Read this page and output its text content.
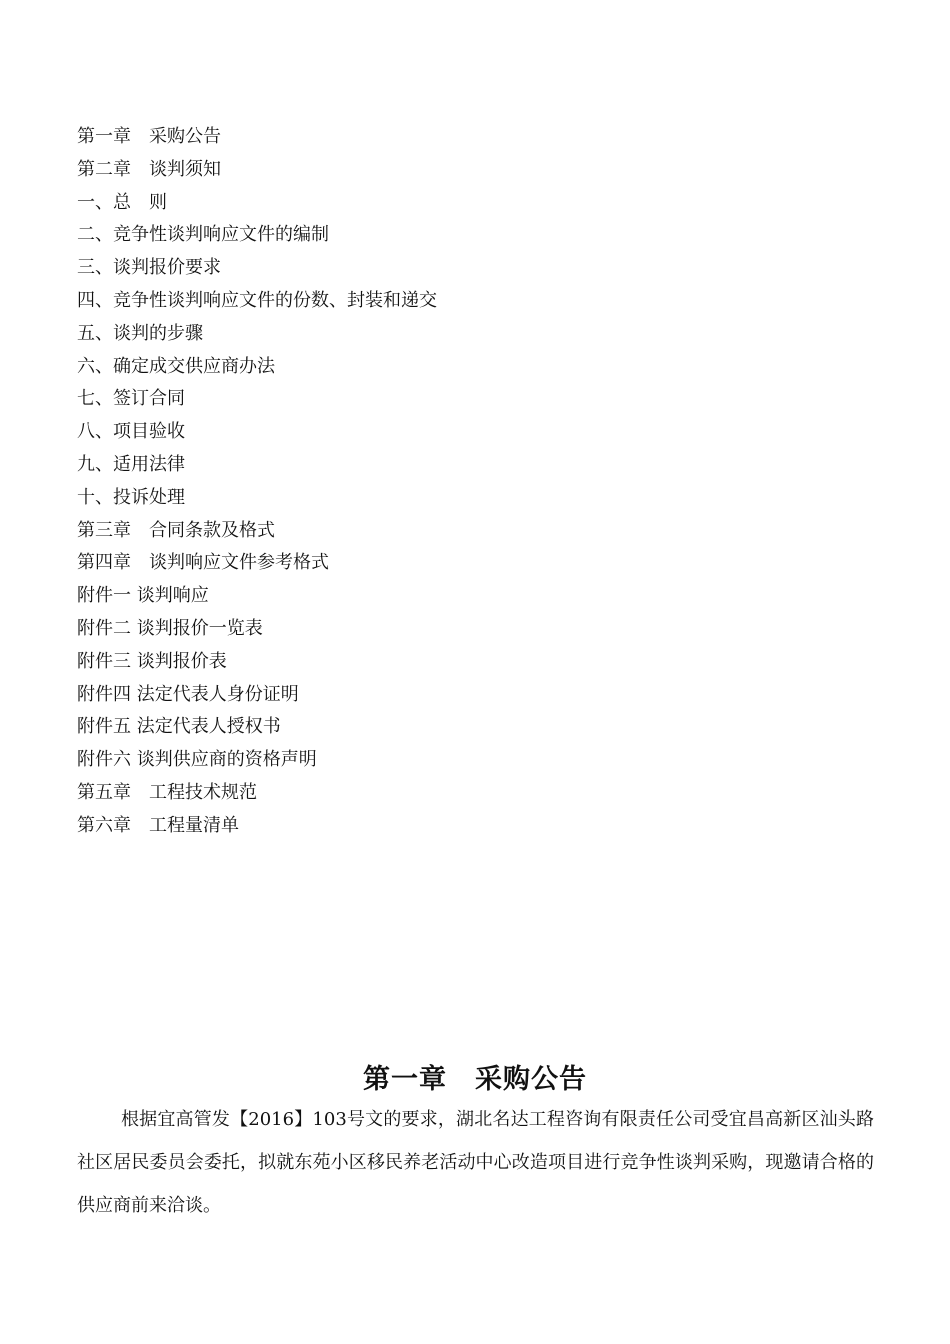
第一章　采购公告
第二章　谈判须知
一、总　则
二、竞争性谈判响应文件的编制
三、谈判报价要求
四、竞争性谈判响应文件的份数、封装和递交
五、谈判的步骤
六、确定成交供应商办法
七、签订合同
八、项目验收
九、适用法律
十、投诉处理
第三章　合同条款及格式
第四章　谈判响应文件参考格式
附件一 谈判响应
附件二 谈判报价一览表
附件三 谈判报价表
附件四 法定代表人身份证明
附件五 法定代表人授权书
附件六 谈判供应商的资格声明
第五章　工程技术规范
第六章　工程量清单
第一章　采购公告

根据宜高管发【2016】103号文的要求，湖北名达工程咨询有限责任公司受宜昌高新区汕头路社区居民委员会委托，拟就东苑小区移民养老活动中心改造项目进行竞争性谈判采购，现邀请合格的供应商前来洽谈。
